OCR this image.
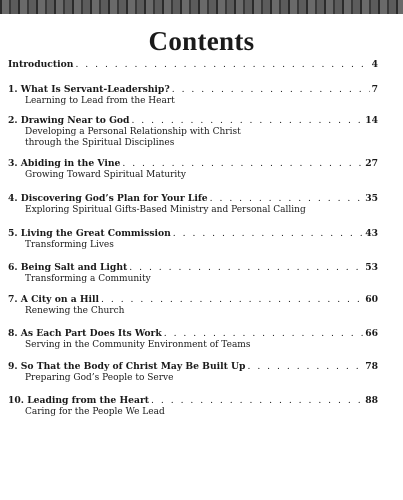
Contents
Introduction . . .	4
1. What Is Servant-Leadership? . . .	7
Learning to Lead from the Heart
2. Drawing Near to God . . .	14
Developing a Personal Relationship with Christ
through the Spiritual Disciplines
3. Abiding in the Vine . . .	27
Growing Toward Spiritual Maturity
4. Discovering God’s Plan for Your Life . . .	35
Exploring Spiritual Gifts-Based Ministry and Personal Calling
5. Living the Great Commission . . .	43
Transforming Lives
6. Being Salt and Light . . .	53
Transforming a Community
7. A City on a Hill . . .	60
Renewing the Church
8. As Each Part Does Its Work . . .	66
Serving in the Community Environment of Teams
9. So That the Body of Christ May Be Built Up . . .	78
Preparing God’s People to Serve
10. Leading from the Heart . . .	88
Caring for the People We Lead
